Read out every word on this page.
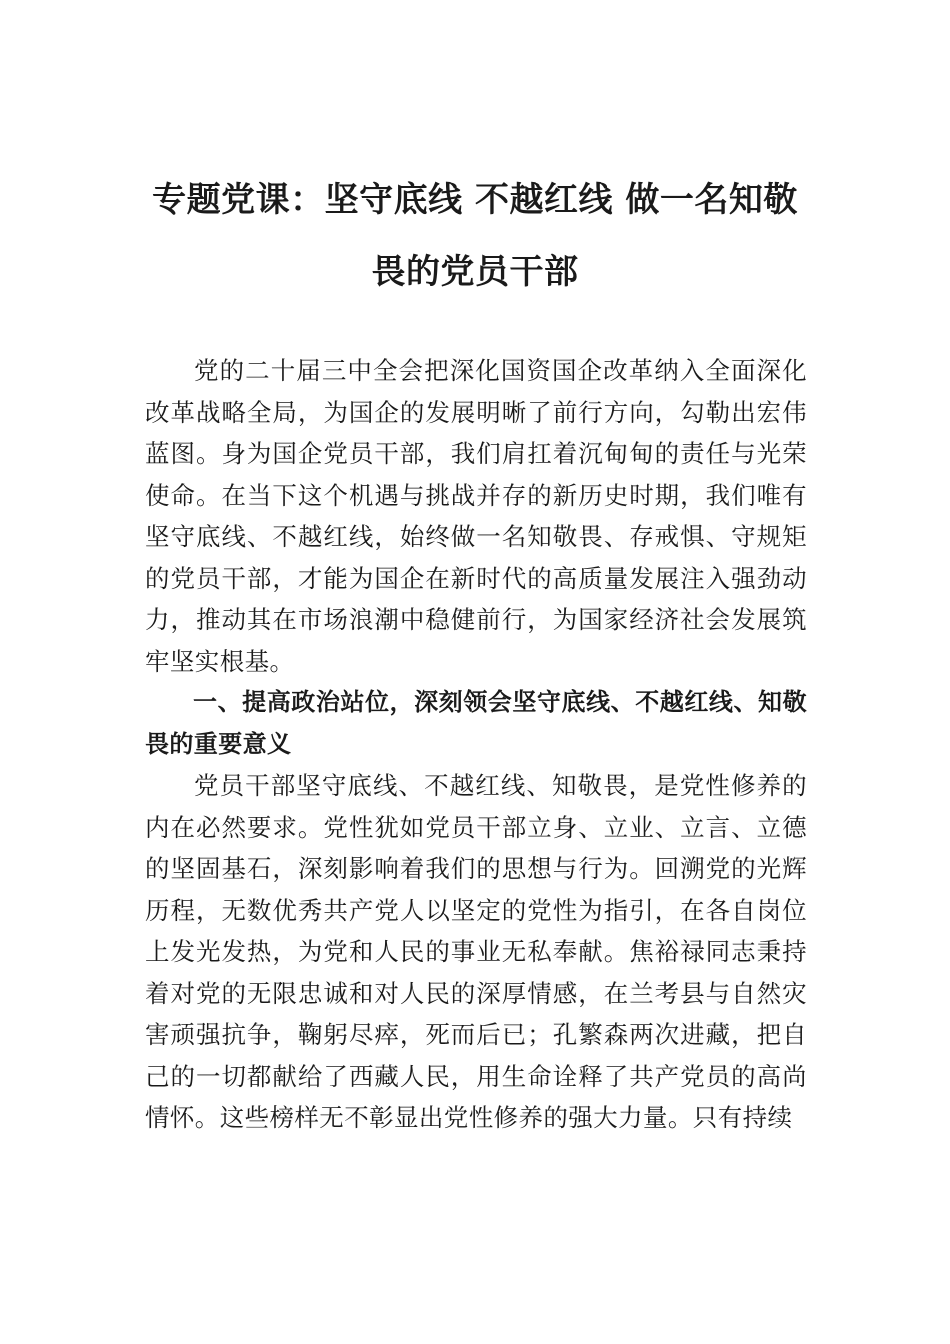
专题党课：坚守底线 不越红线 做一名知敬
畏的党员干部

党的二十届三中全会把深化国资国企改革纳入全面深化改革战略全局，为国企的发展明晰了前行方向，勾勒出宏伟蓝图。身为国企党员干部，我们肩扛着沉甸甸的责任与光荣使命。在当下这个机遇与挑战并存的新历史时期，我们唯有坚守底线、不越红线，始终做一名知敬畏、存戒惧、守规矩的党员干部，才能为国企在新时代的高质量发展注入强劲动力，推动其在市场浪潮中稳健前行，为国家经济社会发展筑牢坚实根基。

一、提高政治站位，深刻领会坚守底线、不越红线、知敬畏的重要意义

党员干部坚守底线、不越红线、知敬畏，是党性修养的内在必然要求。党性犹如党员干部立身、立业、立言、立德的坚固基石，深刻影响着我们的思想与行为。回溯党的光辉历程，无数优秀共产党人以坚定的党性为指引，在各自岗位上发光发热，为党和人民的事业无私奉献。焦裕禄同志秉持着对党的无限忠诚和对人民的深厚情感，在兰考县与自然灾害顽强抗争，鞠躬尽瘁，死而后已；孔繁森两次进藏，把自己的一切都献给了西藏人民，用生命诠释了共产党员的高尚情怀。这些榜样无不彰显出党性修养的强大力量。只有持续
